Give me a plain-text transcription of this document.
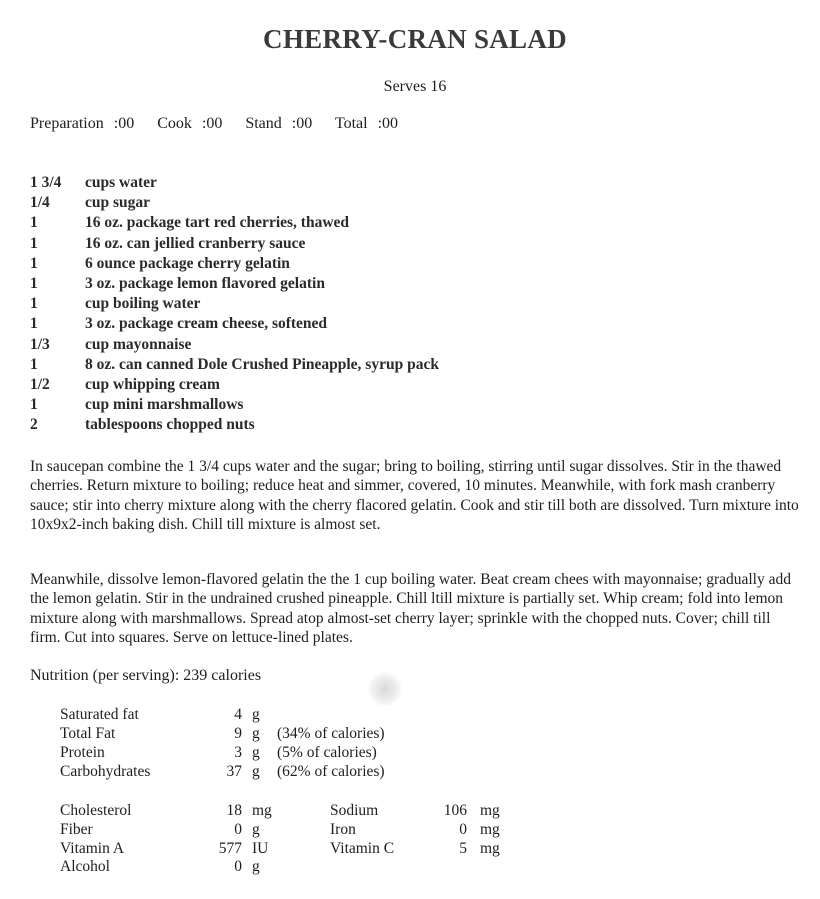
CHERRY-CRAN SALAD
Serves 16
Preparation :00 Cook :00 Stand :00 Total :00
1 3/4 cups water
1/4 cup sugar
1	16 oz. package tart red cherries, thawed
1	16 oz. can jellied cranberry sauce
1	6 ounce package cherry gelatin
1	3 oz. package lemon flavored gelatin
1	cup boiling water
1	3 oz. package cream cheese, softened
1/3 cup mayonnaise
1	8 oz. can canned Dole Crushed Pineapple, syrup pack
1/2 cup whipping cream
1	cup mini marshmallows
2	tablespoons chopped nuts

In saucepan combine the 1 3/4 cups water and the sugar; bring to boiling, stirring until sugar dissolves. Stir in the thawed cherries. Return mixture to boiling; reduce heat and simmer, covered, 10 minutes. Meanwhile, with fork mash cranberry sauce; stir into cherry mixture along with the cherry flacored gelatin. Cook and stir till both are dissolved. Turn mixture into 10x9x2-inch baking dish. Chill till mixture is almost set.

Meanwhile, dissolve lemon-flavored gelatin the the 1 cup boiling water. Beat cream chees with mayonnaise; gradually add the lemon gelatin. Stir in the undrained crushed pineapple. Chill ltill mixture is partially set. Whip cream; fold into lemon mixture along with marshmallows. Spread atop almost-set cherry layer; sprinkle with the chopped nuts. Cover; chill till firm. Cut into squares. Serve on lettuce-lined plates.

Nutrition (per serving): 239 calories
Saturated fat	4 g
Total Fat	9 g (34% of calories)
Protein	3 g (5% of calories)
Carbohydrates	37 g (62% of calories)
Cholesterol	18 mg	Sodium	106 mg
Fiber	0 g	Iron	0 mg
Vitamin A	577 IU	Vitamin C	5 mg
Alcohol	0 g
